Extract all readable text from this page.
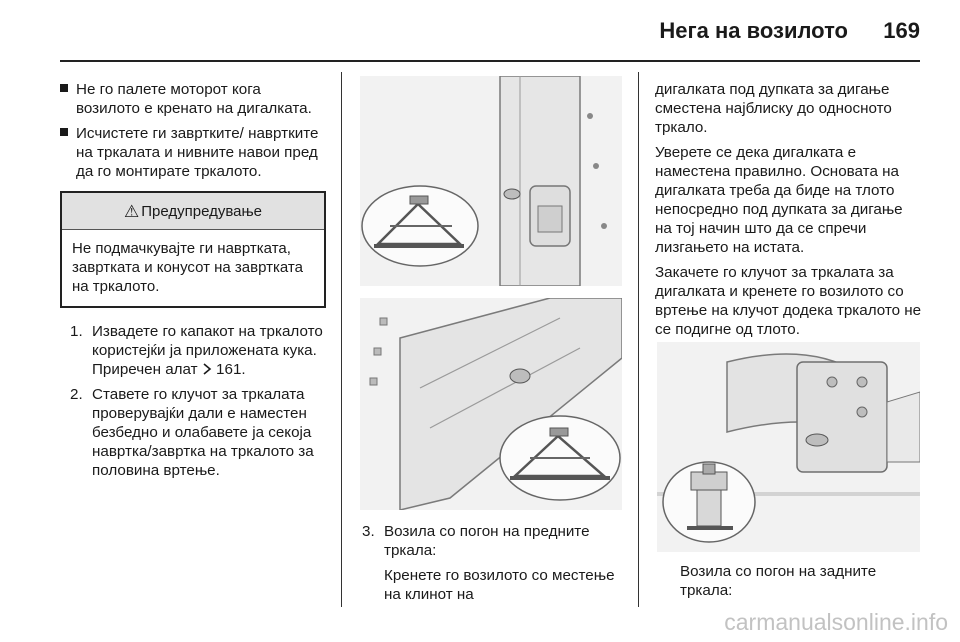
Нега на возилото 169
Не го палете моторот кога возилото е кренато на дигалката.
Исчистете ги завртките/ навртките на тркалата и нивните навои пред да го монтирате тркалото.
⚠ Предупредување
Не подмачкувајте ги навртката, завртката и конусот на завртката на тркалото.
1. Извадете го капакот на тркалото користејќи ја приложената кука. Приречен алат 161.
2. Ставете го клучот за тркалата проверувајќи дали е наместен безбедно и олабавете ја секоја навртка/завртка на тркалото за половина вртење.
3. Возила со погон на предните тркала:

Кренете го возилото со местење на клинот на

дигалката под дупката за дигање сместена најблиску до односното тркало.

Уверете се дека дигалката е наместена правилно. Основата на дигалката треба да биде на тлото непосредно под дупката за дигање на тој начин што да се спречи лизгањето на истата.

Закачете го клучот за тркалата за дигалката и кренете го возилото со вртење на клучот додека тркалото не се подигне од тлото.

Возила со погон на задните тркала:

carmanualsonline.info
